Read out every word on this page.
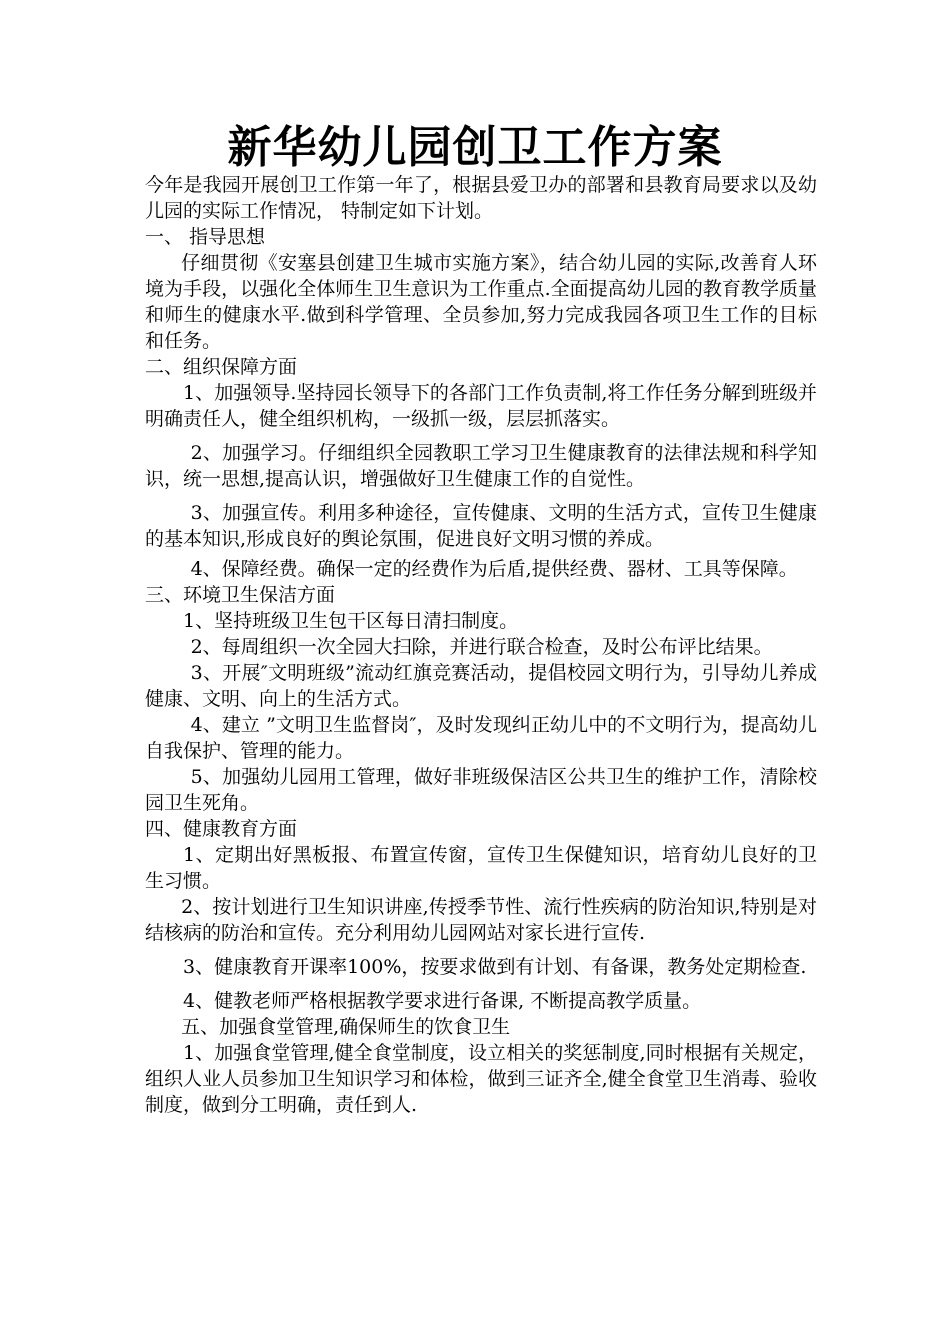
新华幼儿园创卫工作方案

今年是我园开展创卫工作第一年了，根据县爱卫办的部署和县教育局要求以及幼儿园的实际工作情况， 特制定如下计划。

一、 指导思想

仔细贯彻《安塞县创建卫生城市实施方案》，结合幼儿园的实际,改善育人环境为手段，以强化全体师生卫生意识为工作重点.全面提高幼儿园的教育教学质量和师生的健康水平.做到科学管理、全员参加,努力完成我园各项卫生工作的目标和任务。

二、组织保障方面

1、加强领导.坚持园长领导下的各部门工作负责制,将工作任务分解到班级并明确责任人，健全组织机构，一级抓一级，层层抓落实。

2、加强学习。仔细组织全园教职工学习卫生健康教育的法律法规和科学知识，统一思想,提高认识，增强做好卫生健康工作的自觉性。

3、加强宣传。利用多种途径，宣传健康、文明的生活方式，宣传卫生健康的基本知识,形成良好的舆论氛围，促进良好文明习惯的养成。

4、保障经费。确保一定的经费作为后盾,提供经费、器材、工具等保障。

三、环境卫生保洁方面

1、坚持班级卫生包干区每日清扫制度。

2、每周组织一次全园大扫除，并进行联合检查，及时公布评比结果。

3、开展″文明班级”流动红旗竞赛活动，提倡校园文明行为，引导幼儿养成健康、文明、向上的生活方式。

4、建立 ”文明卫生监督岗″，及时发现纠正幼儿中的不文明行为，提高幼儿自我保护、管理的能力。

5、加强幼儿园用工管理，做好非班级保洁区公共卫生的维护工作，清除校园卫生死角。

四、健康教育方面

1、定期出好黑板报、布置宣传窗，宣传卫生保健知识，培育幼儿良好的卫生习惯。

2、按计划进行卫生知识讲座,传授季节性、流行性疾病的防治知识,特别是对结核病的防治和宣传。充分利用幼儿园网站对家长进行宣传.

3、健康教育开课率100%，按要求做到有计划、有备课，教务处定期检查.

4、健教老师严格根据教学要求进行备课, 不断提高教学质量。

五、加强食堂管理,确保师生的饮食卫生

1、加强食堂管理,健全食堂制度，设立相关的奖惩制度,同时根据有关规定，组织人业人员参加卫生知识学习和体检，做到三证齐全,健全食堂卫生消毒、验收制度，做到分工明确，责任到人.
